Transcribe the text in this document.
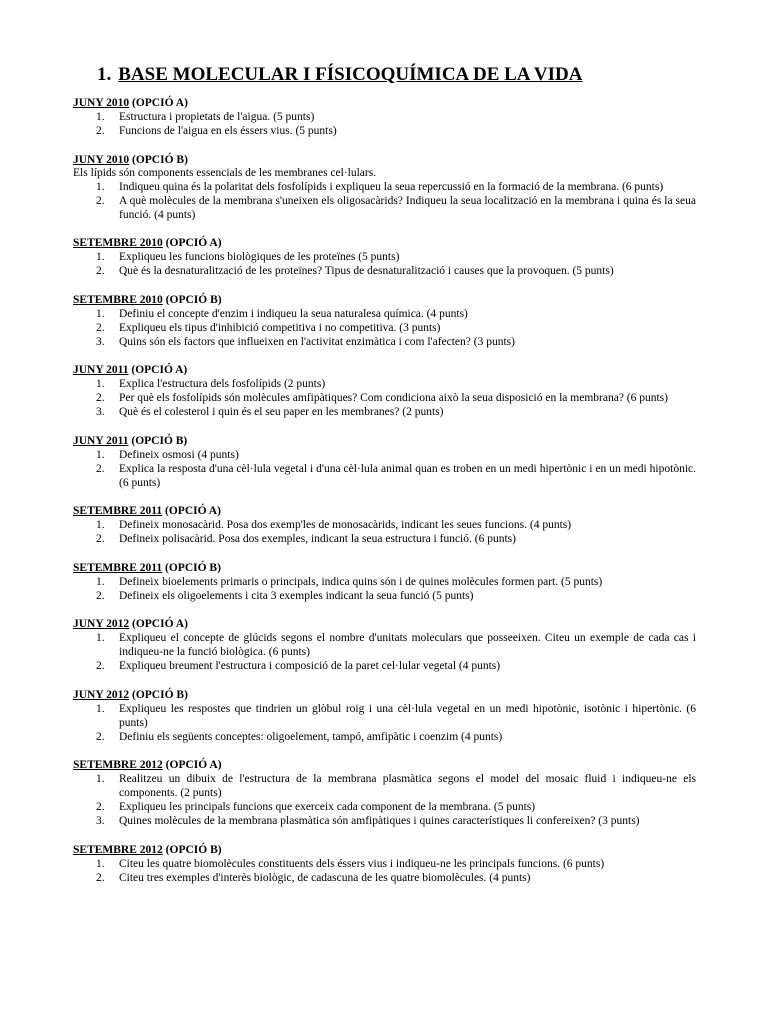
1. BASE MOLECULAR I FÍSICOQUÍMICA DE LA VIDA
JUNY 2010 (OPCIÓ A)
1.	Estructura i propietats de l'aigua. (5 punts)
2.	Funcions de l'aigua en els éssers vius. (5 punts)
JUNY 2010 (OPCIÓ B)
Els lípids són components essencials de les membranes cel·lulars.
1.	Indiqueu quina és la polaritat dels fosfolípids i expliqueu la seua repercussió en la formació de la membrana. (6 punts)
2.	A què molècules de la membrana s'uneixen els oligosacàrids? Indiqueu la seua localització en la membrana i quina és la seua funció. (4 punts)
SETEMBRE 2010 (OPCIÓ A)
1.	Expliqueu les funcions biològiques de les proteïnes (5 punts)
2.	Què és la desnaturalització de les proteïnes? Tipus de desnaturalització i causes que la provoquen. (5 punts)
SETEMBRE 2010 (OPCIÓ B)
1.	Definiu el concepte d'enzim i indiqueu la seua naturalesa química. (4 punts)
2.	Expliqueu els tipus d'inhibició competitiva i no competitiva. (3 punts)
3.	Quins són els factors que influeixen en l'activitat enzimàtica i com l'afecten? (3 punts)
JUNY 2011 (OPCIÓ A)
1.	Explica l'estructura dels fosfolípids (2 punts)
2.	Per què els fosfolípids són molècules amfipàtiques? Com condiciona això la seua disposició en la membrana? (6 punts)
3.	Què és el colesterol i quin és el seu paper en les membranes? (2 punts)
JUNY 2011 (OPCIÓ B)
1.	Defineix osmosi (4 punts)
2.	Explica la resposta d'una cèl·lula vegetal i d'una cèl·lula animal quan es troben en un medi hipertònic i en un medi hipotònic. (6 punts)
SETEMBRE 2011 (OPCIÓ A)
1.	Defineix monosacàrid. Posa dos exemp'les de monosacàrids, indicant les seues funcions. (4 punts)
2.	Defineix polisacàrid. Posa dos exemples, indicant la seua estructura i funció. (6 punts)
SETEMBRE 2011 (OPCIÓ B)
1.	Defineix bioelements primaris o principals, indica quins són i de quines molècules formen part. (5 punts)
2.	Defineix els oligoelements i cita 3 exemples indicant la seua funció (5 punts)
JUNY 2012 (OPCIÓ A)
1.	Expliqueu el concepte de glúcids segons el nombre d'unitats moleculars que posseeixen. Citeu un exemple de cada cas i indiqueu-ne la funció biològica. (6 punts)
2.	Expliqueu breument l'estructura i composició de la paret cel·lular vegetal (4 punts)
JUNY 2012 (OPCIÓ B)
1.	Expliqueu les respostes que tindrien un glòbul roig i una cèl·lula vegetal en un medi hipotònic, isotònic i hipertònic. (6 punts)
2.	Definiu els següents conceptes: oligoelement, tampó, amfipàtic i coenzim (4 punts)
SETEMBRE 2012 (OPCIÓ A)
1.	Realitzeu un dibuix de l'estructura de la membrana plasmàtica segons el model del mosaic fluid i indiqueu-ne els components. (2 punts)
2.	Expliqueu les principals funcions que exerceix cada component de la membrana. (5 punts)
3.	Quines molècules de la membrana plasmàtica són amfipàtiques i quines característiques li confereixen? (3 punts)
SETEMBRE 2012 (OPCIÓ B)
1.	Citeu les quatre biomolècules constituents dels éssers vius i indiqueu-ne les principals funcions. (6 punts)
2.	Citeu tres exemples d'interès biològic, de cadascuna de les quatre biomolècules. (4 punts)
